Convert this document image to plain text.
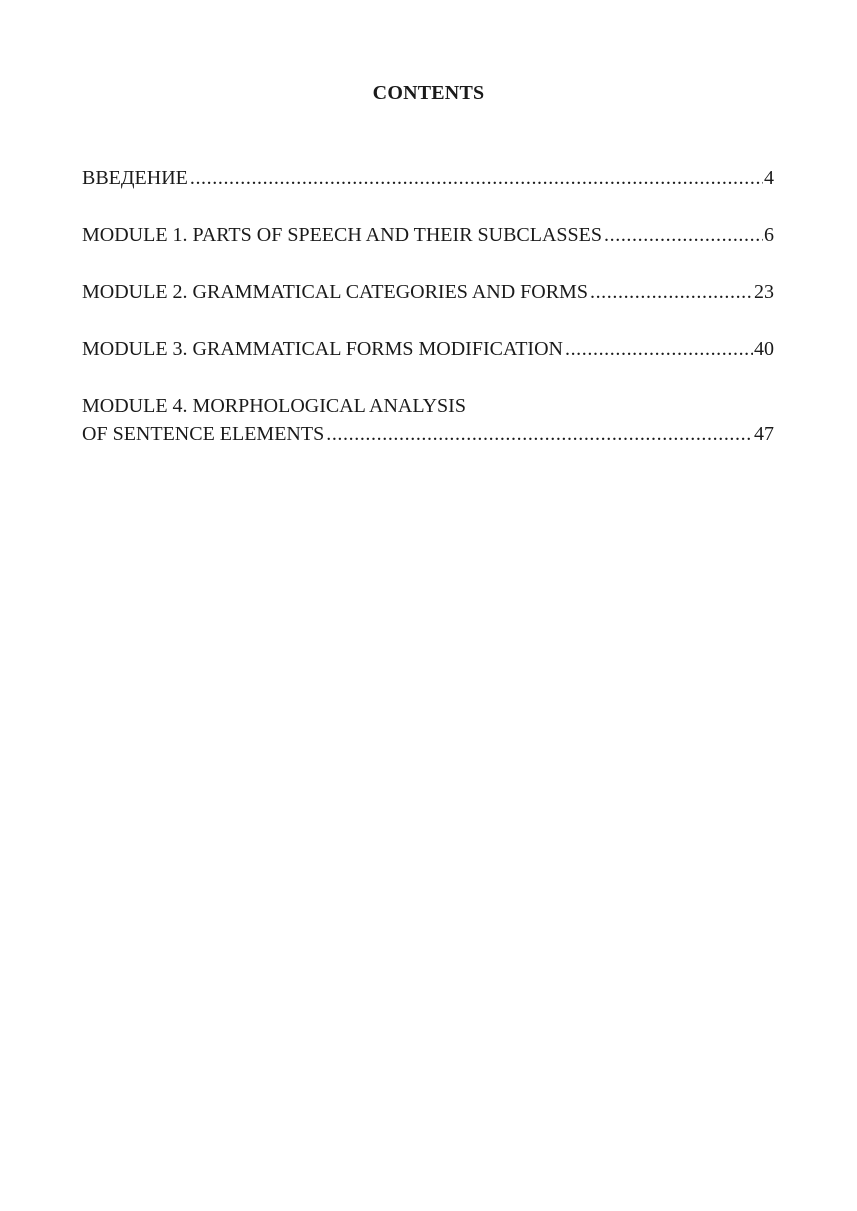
CONTENTS
ВВЕДЕНИЕ .....	4
MODULE 1. PARTS OF SPEECH AND THEIR SUBCLASSES .....	6
MODULE 2. GRAMMATICAL CATEGORIES AND FORMS .....	23
MODULE 3. GRAMMATICAL FORMS MODIFICATION .....	40
MODULE 4. MORPHOLOGICAL ANALYSIS
OF SENTENCE ELEMENTS .....	47
